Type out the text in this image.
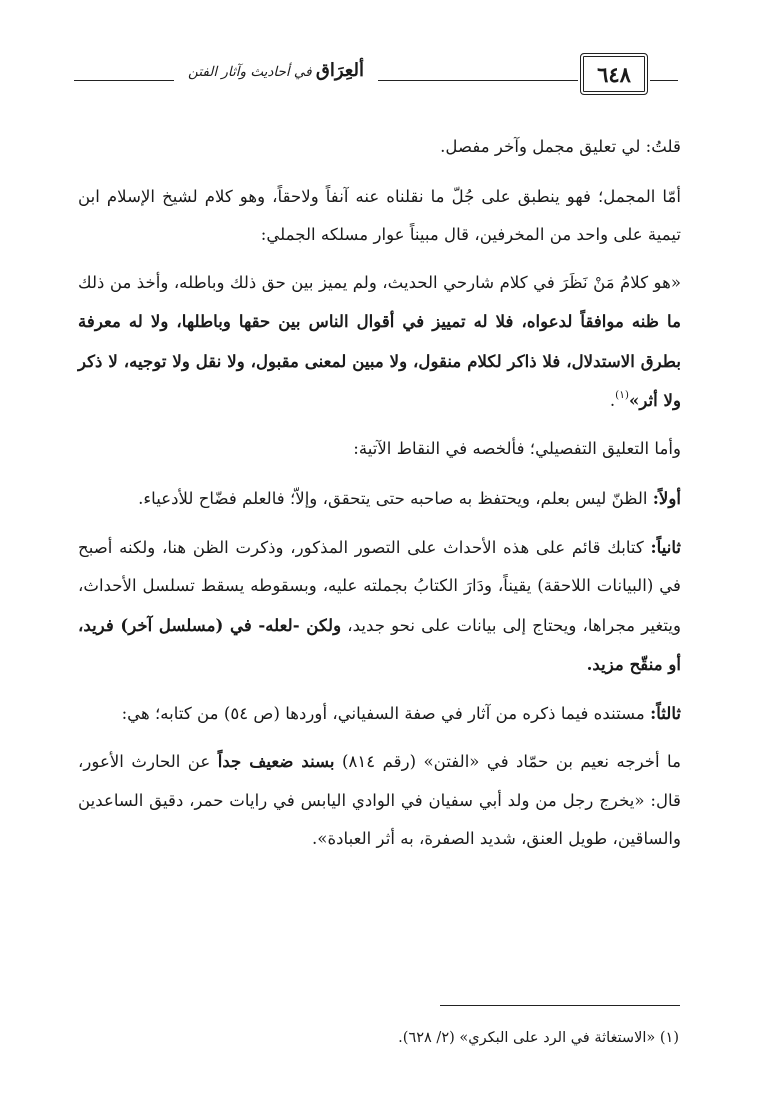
ألعِرَاق في أحاديث وآثار الفتن	٦٤٨

قلتُ: لي تعليق مجمل وآخر مفصل.

أمّا المجمل؛ فهو ينطبق على جُلّ ما نقلناه عنه آنفاً ولاحقاً، وهو كلام لشيخ الإسلام ابن تيمية على واحد من المخرفين، قال مبيناً عوار مسلكه الجملي:

«هو كلامُ مَنْ نَظَرَ في كلام شارحي الحديث، ولم يميز بين حق ذلك وباطله، وأخذ من ذلك ما ظنه موافقاً لدعواه، فلا له تمييز في أقوال الناس بين حقها وباطلها، ولا له معرفة بطرق الاستدلال، فلا ذاكر لكلام منقول، ولا مبين لمعنى مقبول، ولا نقل ولا توجيه، لا ذكر ولا أثر»$^{(١)}$.

وأما التعليق التفصيلي؛ فألخصه في النقاط الآتية:

أولاً: الظنّ ليس بعلم، ويحتفظ به صاحبه حتى يتحقق، وإلاّ؛ فالعلم فضّاح للأدعياء.

ثانياً: كتابك قائم على هذه الأحداث على التصور المذكور، وذكرت الظن هنا، ولكنه أصبح في (البيانات اللاحقة) يقيناً، ودَارَ الكتابُ بجملته عليه، وبسقوطه يسقط تسلسل الأحداث، ويتغير مجراها، ويحتاج إلى بيانات على نحو جديد، ولكن -لعله- في (مسلسل آخر) فريد، أو منقّح مزيد.

ثالثاً: مستنده فيما ذكره من آثار في صفة السفياني، أوردها (ص ٥٤) من كتابه؛ هي:

ما أخرجه نعيم بن حمّاد في «الفتن» (رقم ٨١٤) بسند ضعيف جداً عن الحارث الأعور، قال: «يخرج رجل من ولد أبي سفيان في الوادي اليابس في رايات حمر، دقيق الساعدين والساقين، طويل العنق، شديد الصفرة، به أثر العبادة».

(١) «الاستغاثة في الرد على البكري» (٢/ ٦٢٨).
